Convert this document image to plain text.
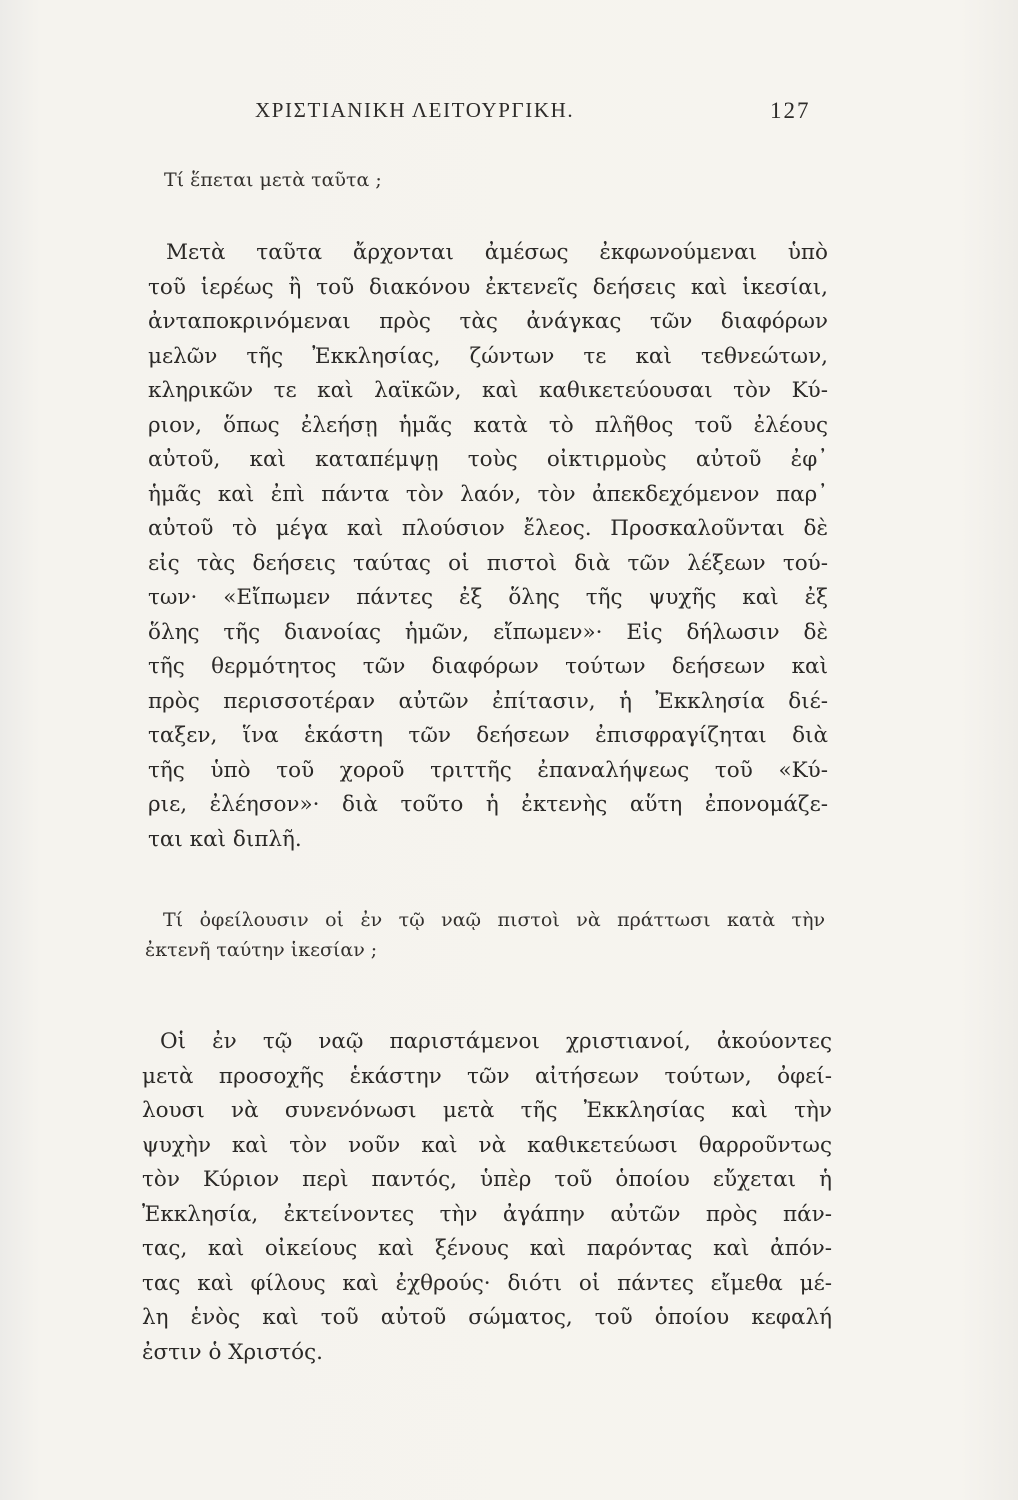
ΧΡΙΣΤΙΑΝΙΚΗ ΛΕΙΤΟΥΡΓΙΚΗ.	127
Τί ἕπεται μετὰ ταῦτα ;
Μετὰ ταῦτα ἄρχονται ἀμέσως ἐκφωνούμεναι ὑπὸ
τοῦ ἱερέως ἢ τοῦ διακόνου ἐκτενεῖς δεήσεις καὶ ἱκεσίαι,
ἀνταποκρινόμεναι πρὸς τὰς ἀνάγκας τῶν διαφόρων
μελῶν τῆς Ἐκκλησίας, ζώντων τε καὶ τεθνεώτων,
κληρικῶν τε καὶ λαϊκῶν, καὶ καθικετεύουσαι τὸν Κύ-
ριον, ὅπως ἐλεήσῃ ἡμᾶς κατὰ τὸ πλῆθος τοῦ ἐλέους
αὐτοῦ, καὶ καταπέμψῃ τοὺς οἰκτιρμοὺς αὐτοῦ ἐφ᾽
ἡμᾶς καὶ ἐπὶ πάντα τὸν λαόν, τὸν ἀπεκδεχόμενον παρ᾽
αὐτοῦ τὸ μέγα καὶ πλούσιον ἔλεος. Προσκαλοῦνται δὲ
εἰς τὰς δεήσεις ταύτας οἱ πιστοὶ διὰ τῶν λέξεων τού-
των· «Εἴπωμεν πάντες ἐξ ὅλης τῆς ψυχῆς καὶ ἐξ
ὅλης τῆς διανοίας ἡμῶν, εἴπωμεν»· Εἰς δήλωσιν δὲ
τῆς θερμότητος τῶν διαφόρων τούτων δεήσεων καὶ
πρὸς περισσοτέραν αὐτῶν ἐπίτασιν, ἡ Ἐκκλησία διέ-
ταξεν, ἵνα ἑκάστη τῶν δεήσεων ἐπισφραγίζηται διὰ
τῆς ὑπὸ τοῦ χοροῦ τριττῆς ἐπαναλήψεως τοῦ «Κύ-
ριε, ἐλέησον»· διὰ τοῦτο ἡ ἐκτενὴς αὕτη ἐπονομάζε-
ται καὶ διπλῆ.
Τί ὀφείλουσιν οἱ ἐν τῷ ναῷ πιστοὶ νὰ πράττωσι κατὰ τὴν
ἐκτενῆ ταύτην ἱκεσίαν ;
Οἱ ἐν τῷ ναῷ παριστάμενοι χριστιανοί, ἀκούοντες
μετὰ προσοχῆς ἑκάστην τῶν αἰτήσεων τούτων, ὀφεί-
λουσι νὰ συνενόνωσι μετὰ τῆς Ἐκκλησίας καὶ τὴν
ψυχὴν καὶ τὸν νοῦν καὶ νὰ καθικετεύωσι θαρροῦντως
τὸν Κύριον περὶ παντός, ὑπὲρ τοῦ ὁποίου εὔχεται ἡ
Ἐκκλησία, ἐκτείνοντες τὴν ἀγάπην αὐτῶν πρὸς πάν-
τας, καὶ οἰκείους καὶ ξένους καὶ παρόντας καὶ ἀπόν-
τας καὶ φίλους καὶ ἐχθρούς· διότι οἱ πάντες εἴμεθα μέ-
λη ἑνὸς καὶ τοῦ αὐτοῦ σώματος, τοῦ ὁποίου κεφαλή
ἐστιν ὁ Χριστός.
